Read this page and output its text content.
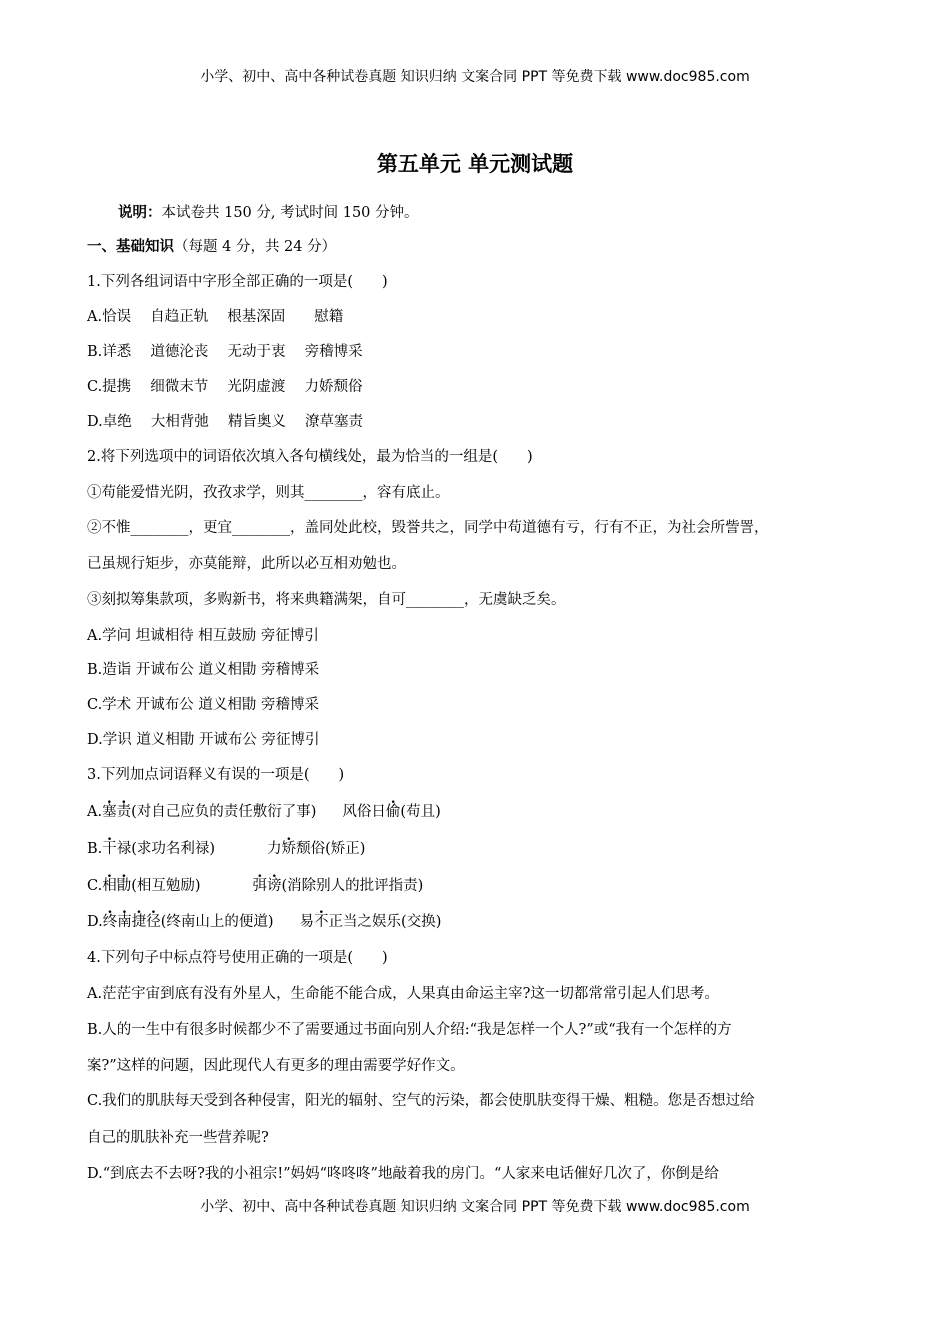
小学、初中、高中各种试卷真题 知识归纳 文案合同 PPT 等免费下载 www.doc985.com
第五单元 单元测试题
说明：本试卷共 150 分, 考试时间 150 分钟。
一、基础知识（每题 4 分，共 24 分）
1.下列各组词语中字形全部正确的一项是(　　)
A.恰误　 自趋正轨　 根基深固　　慰籍
B.详悉　 道德沦丧　 无动于衷　 旁稽博采
C.提携　 细微末节　 光阴虚渡　 力娇颓俗
D.卓绝　 大相背弛　 精旨奥义　 潦草塞责
2.将下列选项中的词语依次填入各句横线处，最为恰当的一组是(　　)
①苟能爱惜光阴，孜孜求学，则其________，容有底止。
②不惟________，更宜________，盖同处此校，毁誉共之，同学中苟道德有亏，行有不正，为社会所訾詈，
已虽规行矩步，亦莫能辩，此所以必互相劝勉也。
③刻拟筹集款项，多购新书，将来典籍满架，自可________，无虞缺乏矣。
A.学问 坦诚相待 相互鼓励 旁征博引
B.造诣 开诚布公 道义相勖 旁稽博采
C.学术 开诚布公 道义相勖 旁稽博采
D.学识 道义相勖 开诚布公 旁征博引
3.下列加点词语释义有误的一项是(　　)
A.塞责(对自己应负的责任敷衍了事) 风俗日偷(苟且)
B.干禄(求功名利禄)	力矫颓俗(矫正)
C.相勖(相互勉励)	弭谤(消除别人的批评指责)
D.终南捷径(终南山上的便道) 易不正当之娱乐(交换)
4.下列句子中标点符号使用正确的一项是(　　)
A.茫茫宇宙到底有没有外星人，生命能不能合成，人果真由命运主宰?这一切都常常引起人们思考。
B.人的一生中有很多时候都少不了需要通过书面向别人介绍:“我是怎样一个人?”或“我有一个怎样的方
案?”这样的问题，因此现代人有更多的理由需要学好作文。
C.我们的肌肤每天受到各种侵害，阳光的辐射、空气的污染，都会使肌肤变得干燥、粗糙。您是否想过给
自己的肌肤补充一些营养呢?
D.“到底去不去呀?我的小祖宗!”妈妈“咚咚咚”地敲着我的房门。“人家来电话催好几次了，你倒是给
小学、初中、高中各种试卷真题 知识归纳 文案合同 PPT 等免费下载 www.doc985.com
